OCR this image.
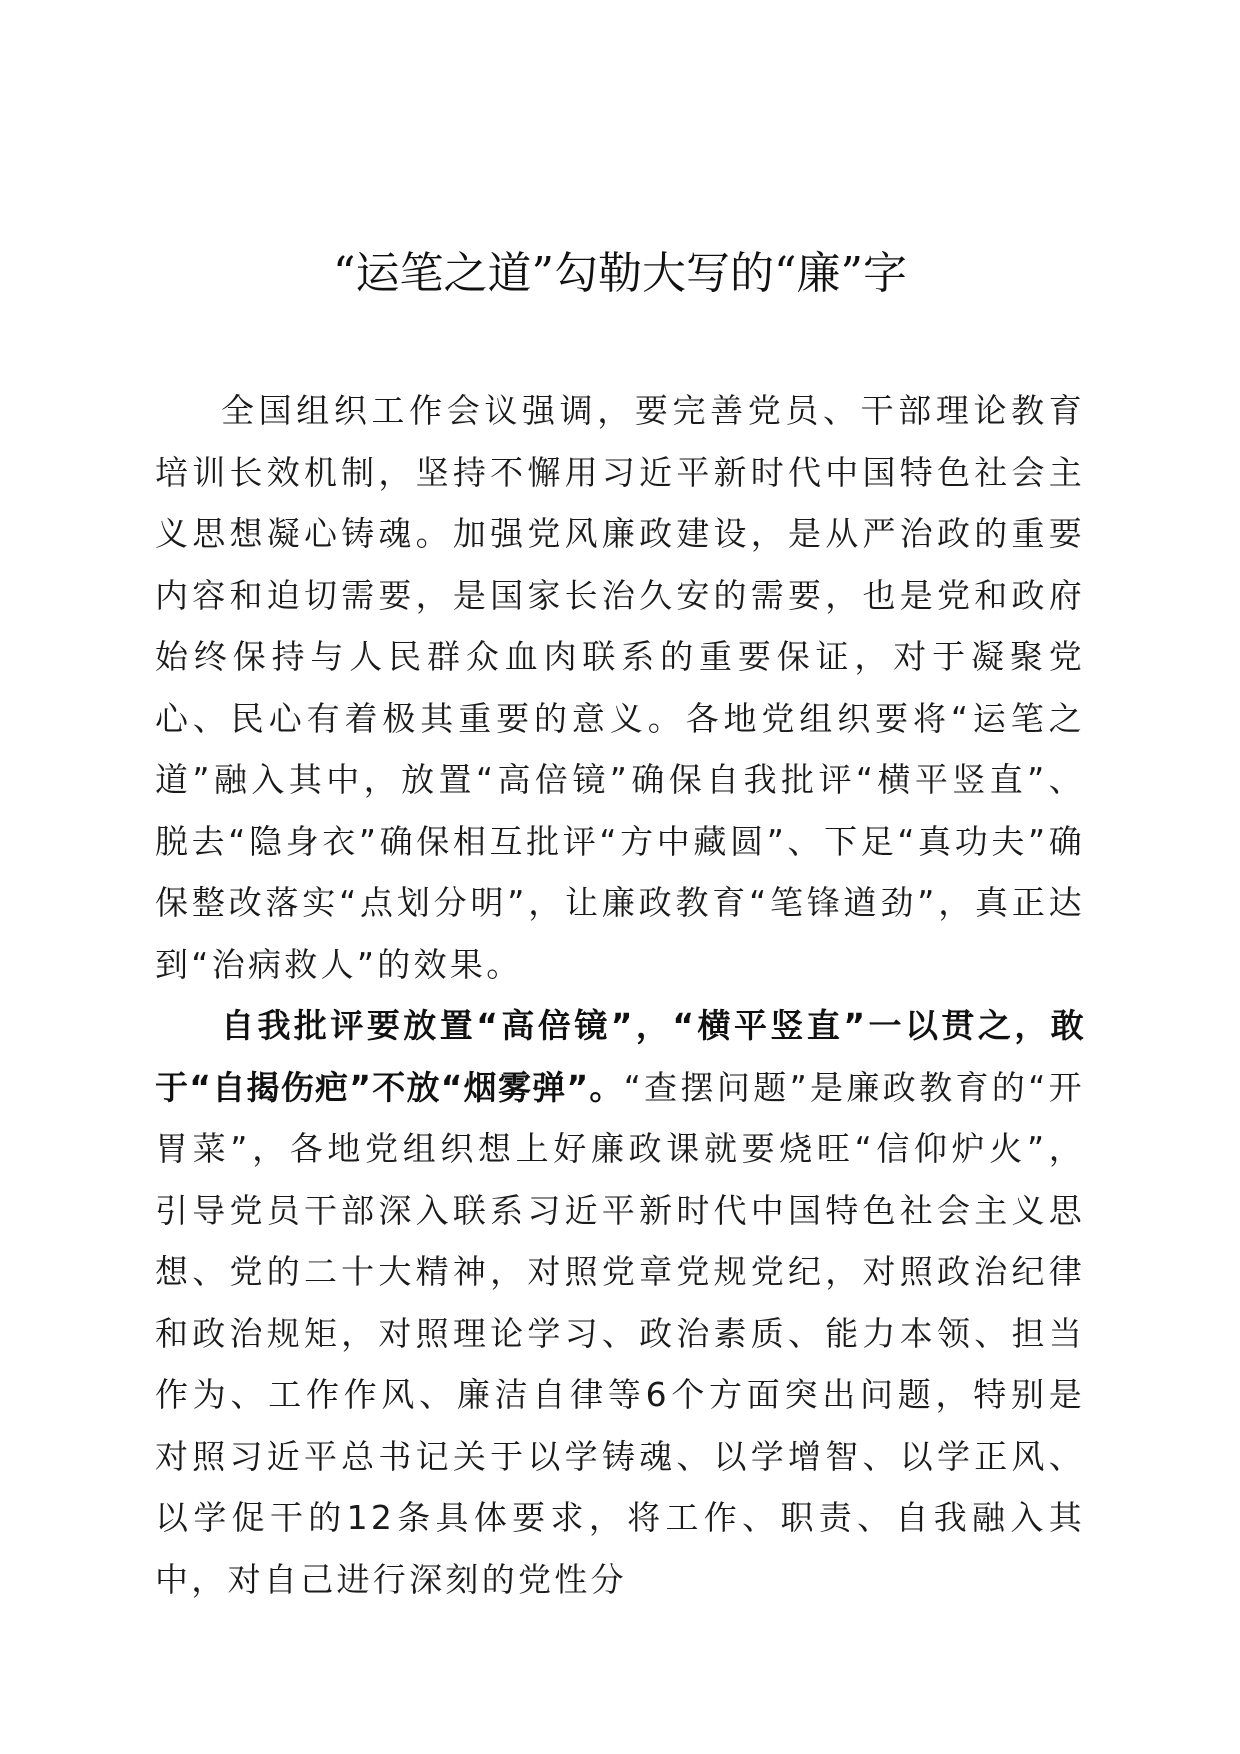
“运笔之道”勾勒大写的“廉”字

全国组织工作会议强调，要完善党员、干部理论教育培训长效机制，坚持不懈用习近平新时代中国特色社会主义思想凝心铸魂。加强党风廉政建设，是从严治政的重要内容和迫切需要，是国家长治久安的需要，也是党和政府始终保持与人民群众血肉联系的重要保证，对于凝聚党心、民心有着极其重要的意义。各地党组织要将“运笔之道”融入其中，放置“高倍镜”确保自我批评“横平竖直”、脱去“隐身衣”确保相互批评“方中藏圆”、下足“真功夫”确保整改落实“点划分明”，让廉政教育“笔锋遒劲”，真正达到“治病救人”的效果。

自我批评要放置“高倍镜”，“横平竖直”一以贯之，敢于“自揭伤疤”不放“烟雾弹”。“查摆问题”是廉政教育的“开胃菜”，各地党组织想上好廉政课就要烧旺“信仰炉火”，引导党员干部深入联系习近平新时代中国特色社会主义思想、党的二十大精神，对照党章党规党纪，对照政治纪律和政治规矩，对照理论学习、政治素质、能力本领、担当作为、工作作风、廉洁自律等6个方面突出问题，特别是对照习近平总书记关于以学铸魂、以学增智、以学正风、以学促干的12条具体要求，将工作、职责、自我融入其中，对自己进行深刻的党性分
